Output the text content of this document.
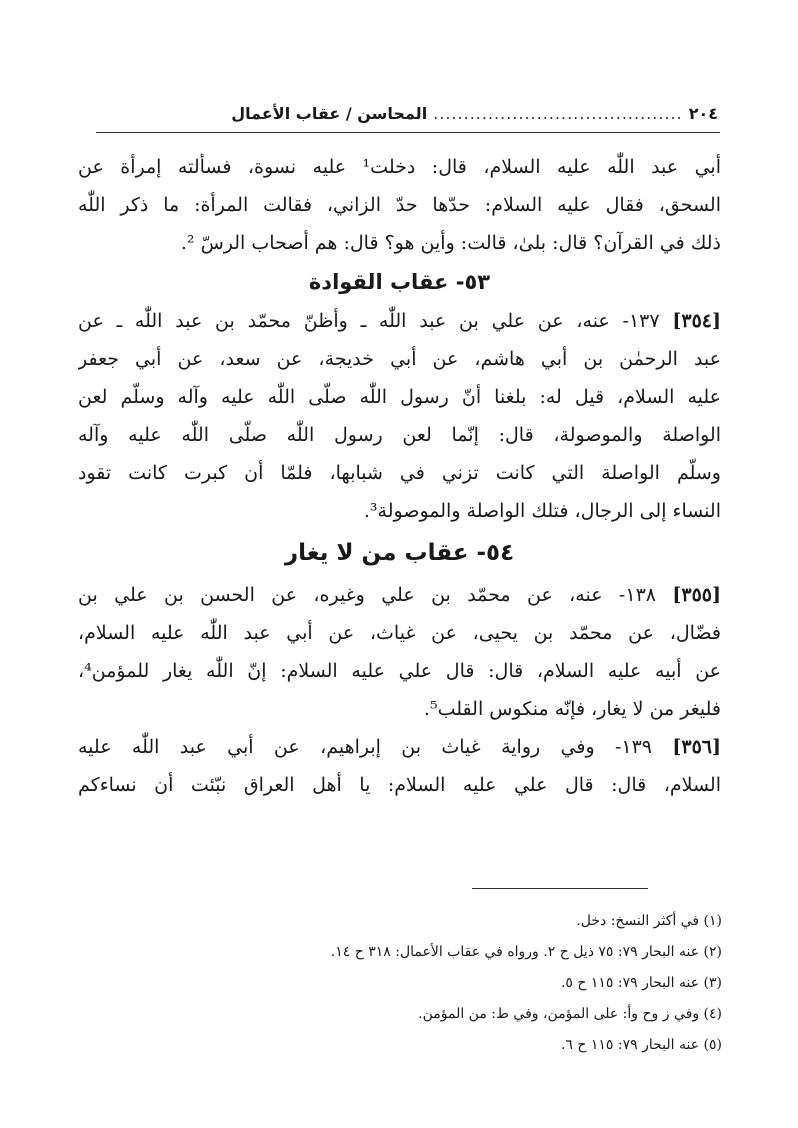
٢٠٤
.........................................
المحاسن / عقاب الأعمال
أبي عبد اللّٰه عليه السلام، قال: دخلت¹ عليه نسوة، فسألته إمرأة عن
السحق، فقال عليه السلام: حدّها حدّ الزاني، فقالت المرأة: ما ذكر اللّٰه
ذلك في القرآن؟ قال: بلىٰ، قالت: وأين هو؟ قال: هم أصحاب الرسّ ².
٥٣- عقاب القوادة
[٣٥٤] ١٣٧- عنه، عن علي بن عبد اللّٰه ـ وأظنّ محمّد بن عبد اللّٰه ـ عن
عبد الرحمٰن بن أبي هاشم، عن أبي خديجة، عن سعد، عن أبي جعفر
عليه السلام، قيل له: بلغنا أنّ رسول اللّٰه صلّى اللّٰه عليه وآله وسلّم لعن
الواصلة والموصولة، قال: إنّما لعن رسول اللّٰه صلّى اللّٰه عليه وآله
وسلّم الواصلة التي كانت تزني في شبابها، فلمّا أن كبرت كانت تقود
النساء إلى الرجال، فتلك الواصلة والموصولة³.
٥٤- عقاب من لا يغار
[٣٥٥] ١٣٨- عنه، عن محمّد بن علي وغيره، عن الحسن بن علي بن
فضّال، عن محمّد بن يحيى، عن غياث، عن أبي عبد اللّٰه عليه السلام،
عن أبيه عليه السلام، قال: قال علي عليه السلام: إنّ اللّٰه يغار للمؤمن⁴،
فليغر من لا يغار، فإنّه منكوس القلب⁵.
[٣٥٦] ١٣٩- وفي رواية غياث بن إبراهيم، عن أبي عبد اللّٰه عليه
السلام، قال: قال علي عليه السلام: يا أهل العراق نبّئت أن نساءكم
(١) في أكثر النسخ: دخل.
(٢) عنه البحار ٧٩: ٧٥ ذيل ح ٢. ورواه في عقاب الأعمال: ٣١٨ ح ١٤.
(٣) عنه البحار ٧٩: ١١٥ ح ٥.
(٤) وفي ز وح وأ: على المؤمن، وفي ط: من المؤمن.
(٥) عنه البحار ٧٩: ١١٥ ح ٦.
